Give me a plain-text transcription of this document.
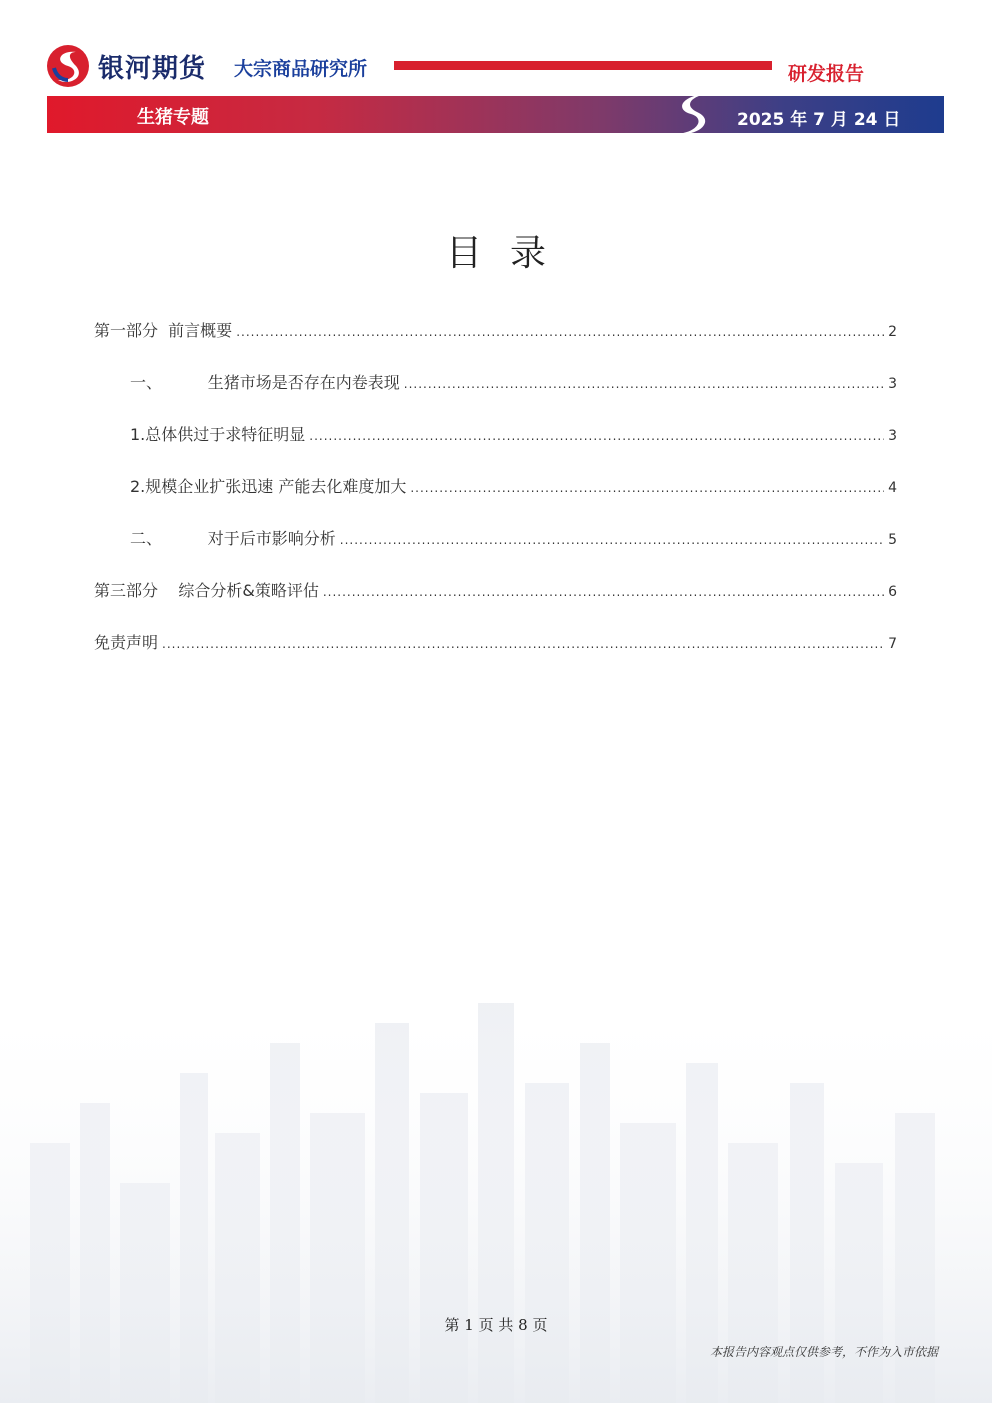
银河期货 大宗商品研究所	研发报告
生猪专题	2025 年 7 月 24 日
目录
第一部分  前言概要 .....	2
一、         生猪市场是否存在内卷表现 .....	3
1.总体供过于求特征明显 .....	3
2.规模企业扩张迅速 产能去化难度加大 .....	4
二、         对于后市影响分析 .....	5
第三部分    综合分析&策略评估 .....	6
免责声明 .....	7
第 1 页 共 8 页
本报告内容观点仅供参考，不作为入市依据
